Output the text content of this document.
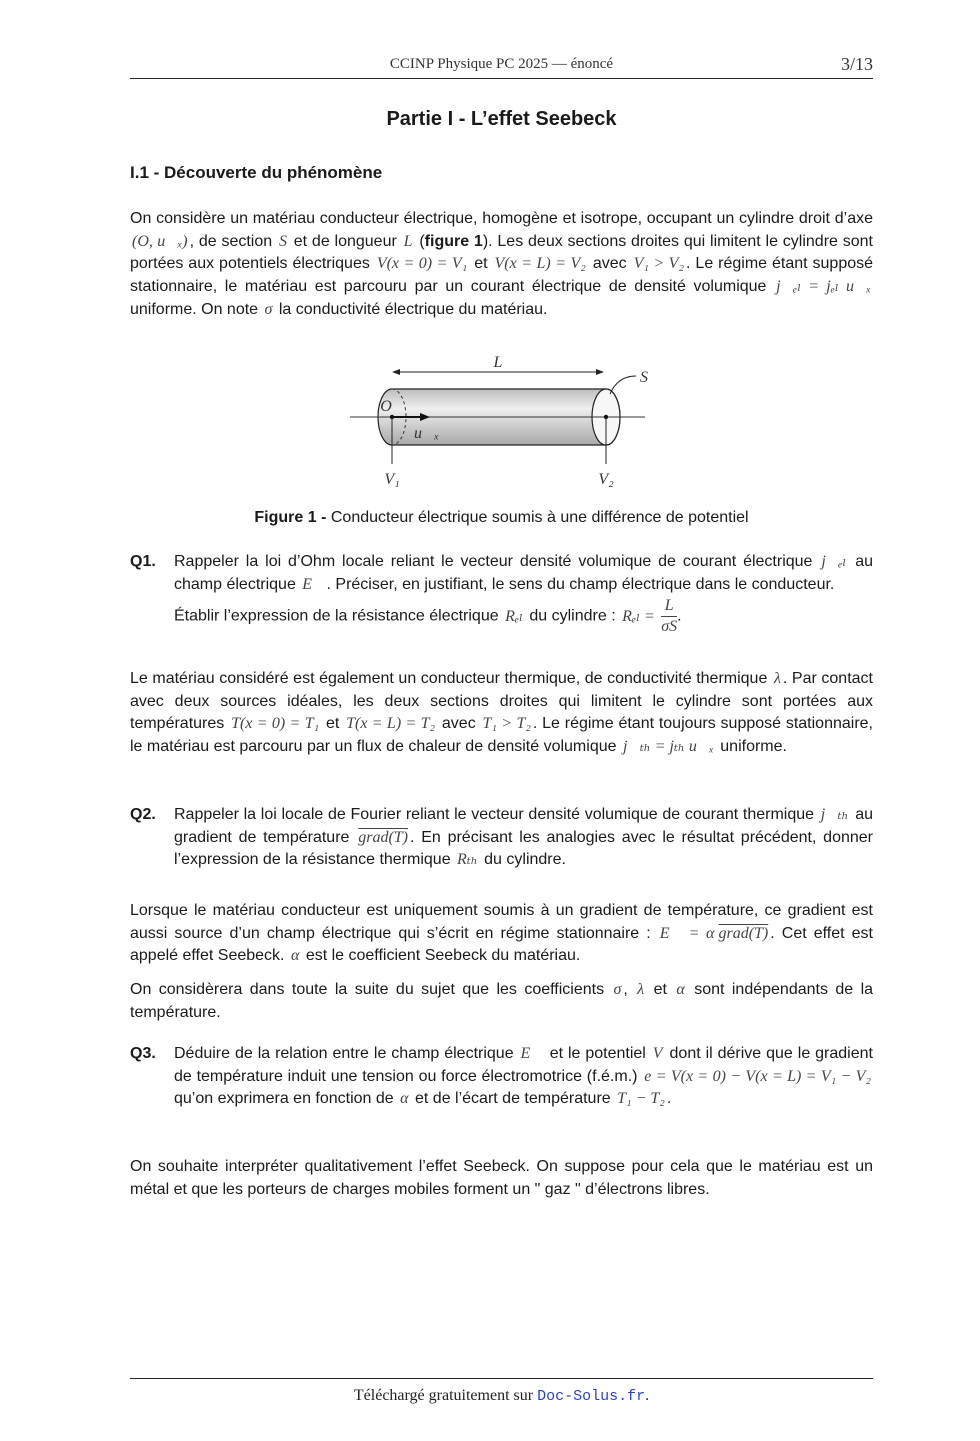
CCINP Physique PC 2025 — énoncé	3/13
Partie I - L’effet Seebeck
I.1 - Découverte du phénomène
On considère un matériau conducteur électrique, homogène et isotrope, occupant un cylindre droit d’axe (O, u⃗ₓ) , de section S et de longueur L (figure 1). Les deux sections droites qui limitent le cylindre sont portées aux potentiels électriques V(x = 0) = V₁ et V(x = L) = V₂ avec V₁ > V₂ . Le régime étant supposé stationnaire, le matériau est parcouru par un courant électrique de densité volumique j⃗ₑₗ = jₑₗ u⃗ₓ uniforme. On note σ la conductivité électrique du matériau.
L
S
O
u⃗ₓ
V₁	V₂
Figure 1 - Conducteur électrique soumis à une différence de potentiel
Q1. Rappeler la loi d’Ohm locale reliant le vecteur densité volumique de courant électrique j⃗ₑₗ au champ électrique E⃗ . Préciser, en justifiant, le sens du champ électrique dans le conducteur.
Établir l’expression de la résistance électrique Rₑₗ du cylindre : $R_{el} = \frac{L}{\sigma S}$ .
Le matériau considéré est également un conducteur thermique, de conductivité thermique λ . Par contact avec deux sources idéales, les deux sections droites qui limitent le cylindre sont portées aux températures T(x = 0) = T₁ et T(x = L) = T₂ avec T₁ > T₂ . Le régime étant toujours supposé stationnaire, le matériau est parcouru par un flux de chaleur de densité volumique j⃗ₜₕ = jₜₕ u⃗ₓ uniforme.
Q2. Rappeler la loi locale de Fourier reliant le vecteur densité volumique de courant thermique j⃗ₜₕ au gradient de température grad(T) . En précisant les analogies avec le résultat précédent, donner l’expression de la résistance thermique Rₜₕ du cylindre.
Lorsque le matériau conducteur est uniquement soumis à un gradient de température, ce gradient est aussi source d’un champ électrique qui s’écrit en régime stationnaire : E⃗ = α grad(T) . Cet effet est appelé effet Seebeck. α est le coefficient Seebeck du matériau.
On considèrera dans toute la suite du sujet que les coefficients σ , λ et α sont indépendants de la température.
Q3. Déduire de la relation entre le champ électrique E⃗ et le potentiel V dont il dérive que le gradient de température induit une tension ou force électromotrice (f.é.m.) e = V(x = 0) − V(x = L) = V₁ − V₂ qu’on exprimera en fonction de α et de l’écart de température T₁ − T₂ .
On souhaite interpréter qualitativement l’effet Seebeck. On suppose pour cela que le matériau est un métal et que les porteurs de charges mobiles forment un " gaz " d’électrons libres.
Téléchargé gratuitement sur Doc-Solus.fr.
